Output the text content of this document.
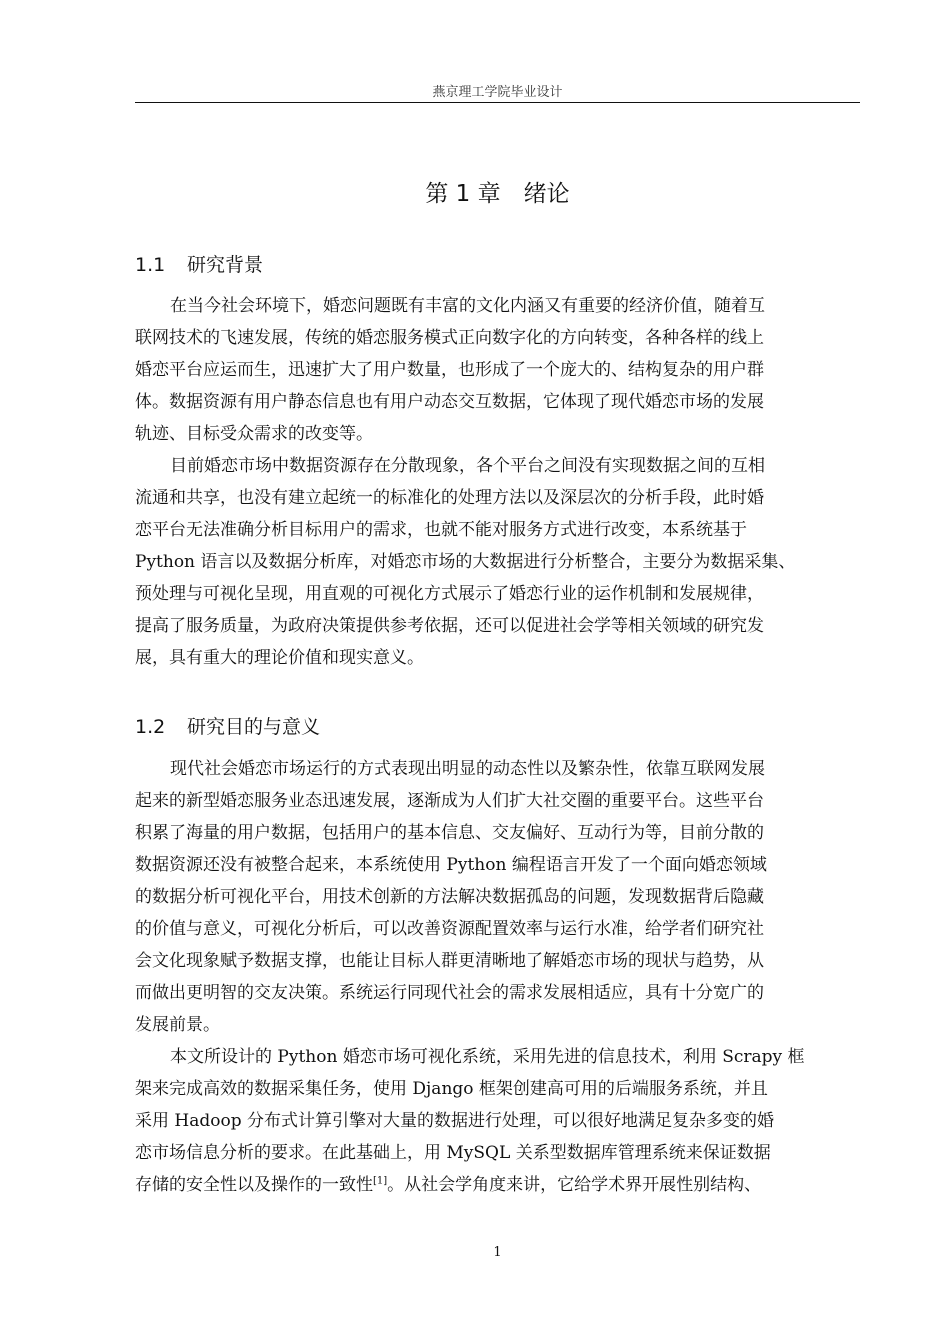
燕京理工学院毕业设计
第 1 章　绪论
1.1 研究背景

在当今社会环境下，婚恋问题既有丰富的文化内涵又有重要的经济价值，随着互
联网技术的飞速发展，传统的婚恋服务模式正向数字化的方向转变，各种各样的线上
婚恋平台应运而生，迅速扩大了用户数量，也形成了一个庞大的、结构复杂的用户群
体。数据资源有用户静态信息也有用户动态交互数据，它体现了现代婚恋市场的发展
轨迹、目标受众需求的改变等。

目前婚恋市场中数据资源存在分散现象，各个平台之间没有实现数据之间的互相
流通和共享，也没有建立起统一的标准化的处理方法以及深层次的分析手段，此时婚
恋平台无法准确分析目标用户的需求，也就不能对服务方式进行改变，本系统基于
Python 语言以及数据分析库，对婚恋市场的大数据进行分析整合，主要分为数据采集、
预处理与可视化呈现，用直观的可视化方式展示了婚恋行业的运作机制和发展规律，
提高了服务质量，为政府决策提供参考依据，还可以促进社会学等相关领域的研究发
展，具有重大的理论价值和现实意义。

1.2 研究目的与意义

现代社会婚恋市场运行的方式表现出明显的动态性以及繁杂性，依靠互联网发展
起来的新型婚恋服务业态迅速发展，逐渐成为人们扩大社交圈的重要平台。这些平台
积累了海量的用户数据，包括用户的基本信息、交友偏好、互动行为等，目前分散的
数据资源还没有被整合起来，本系统使用 Python 编程语言开发了一个面向婚恋领域
的数据分析可视化平台，用技术创新的方法解决数据孤岛的问题，发现数据背后隐藏
的价值与意义，可视化分析后，可以改善资源配置效率与运行水准，给学者们研究社
会文化现象赋予数据支撑，也能让目标人群更清晰地了解婚恋市场的现状与趋势，从
而做出更明智的交友决策。系统运行同现代社会的需求发展相适应，具有十分宽广的
发展前景。

本文所设计的 Python 婚恋市场可视化系统，采用先进的信息技术，利用 Scrapy 框
架来完成高效的数据采集任务，使用 Django 框架创建高可用的后端服务系统，并且
采用 Hadoop 分布式计算引擎对大量的数据进行处理，可以很好地满足复杂多变的婚
恋市场信息分析的要求。在此基础上，用 MySQL 关系型数据库管理系统来保证数据
存储的安全性以及操作的一致性[1]。从社会学角度来讲，它给学术界开展性别结构、

1
